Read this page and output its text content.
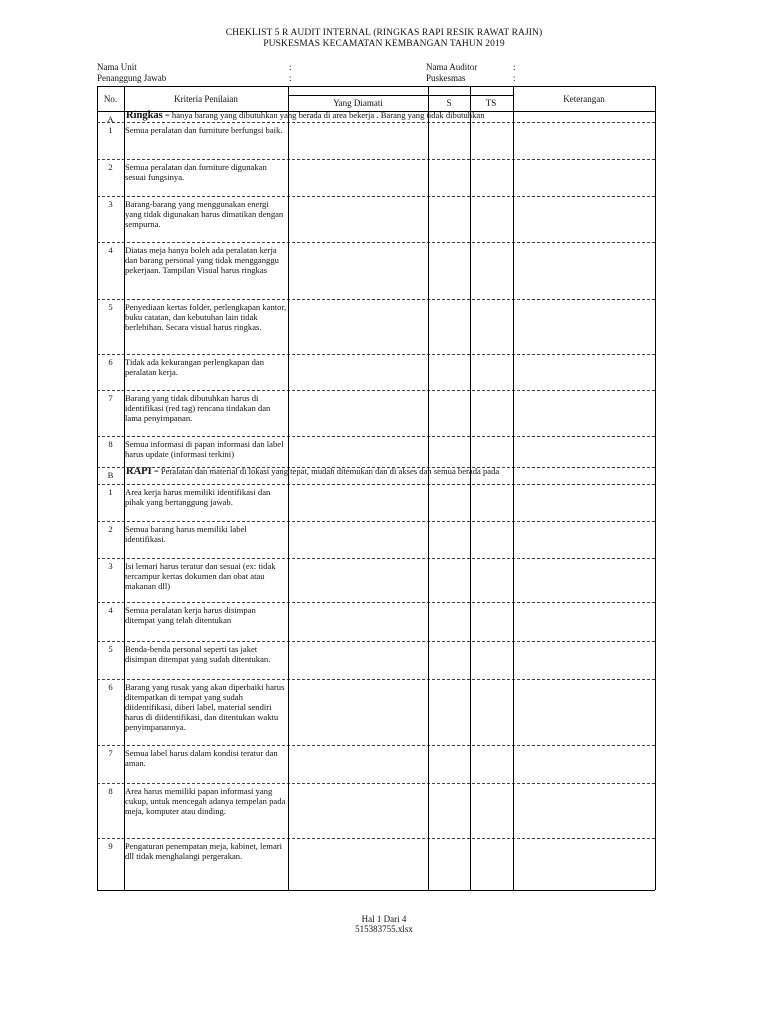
CHEKLIST 5 R AUDIT INTERNAL (RINGKAS RAPI RESIK RAWAT RAJIN)
PUSKESMAS KECAMATAN KEMBANGAN TAHUN 2019
Nama Unit	:
Penanggung Jawab	:
Nama Auditor	:
Puskesmas	:
No.	Kriteria Penilaian	Yang Diamati	S	TS	Keterangan
A	Ringkas = hanya barang yang dibutuhkan yang berada di area bekerja . Barang yang tidak dibutuhkan
1	Semua peralatan dan furniture berfungsi baik.
2	Semua peralatan dan furniture digunakan sesuai fungsinya.
3	Barang-barang yang menggunakan energi yang tidak digunakan harus dimatikan dengan sempurna.
4	Diatas meja hanya boleh ada peralatan kerja dan barang personal yang tidak mengganggu pekerjaan. Tampilan Visual harus ringkas
5	Penyediaan kertas folder, perlengkapan kantor, buku catatan, dan kebutuhan lain tidak berlebihan. Secara visual harus ringkas.
6	Tidak ada kekurangan perlengkapan dan peralatan kerja.
7	Barang yang tidak dibutuhkan harus di identifikasi (red tag) rencana tindakan dan lama penyimpanan.
8	Semua informasi di papan informasi dan label harus update (informasi terkini)
B	RAPI = Peralatan dan material di lokasi yang tepat, mudah ditemukan dan di akses dan semua berada pada
1	Area kerja harus memiliki identifikasi dan pihak yang bertanggung jawab.
2	Semua barang harus memiliki label identifikasi.
3	Isi lemari harus teratur dan sesuai (ex: tidak tercampur kertas dokumen dan obat atau makanan dll)
4	Semua peralatan kerja harus disimpan ditempat yang telah ditentukan
5	Benda-benda personal seperti tas jaket disimpan ditempat yang sudah ditentukan.
6	Barang yang rusak yang akan diperbaiki harus ditempatkan di tempat yang sudah diidentifikasi, diberi label, material sendiri harus di diidentifikasi, dan ditentukan waktu penyimpanannya.
7	Semua label harus dalam kondisi teratur dan aman.
8	Area harus memiliki papan informasi yang cukup, untuk mencegah adanya tempelan pada meja, komputer atau dinding.
9	Pengaturan penempatan meja, kabinet, lemari dll tidak menghalangi pergerakan.
Hal 1 Dari 4
515383755.xlsx
